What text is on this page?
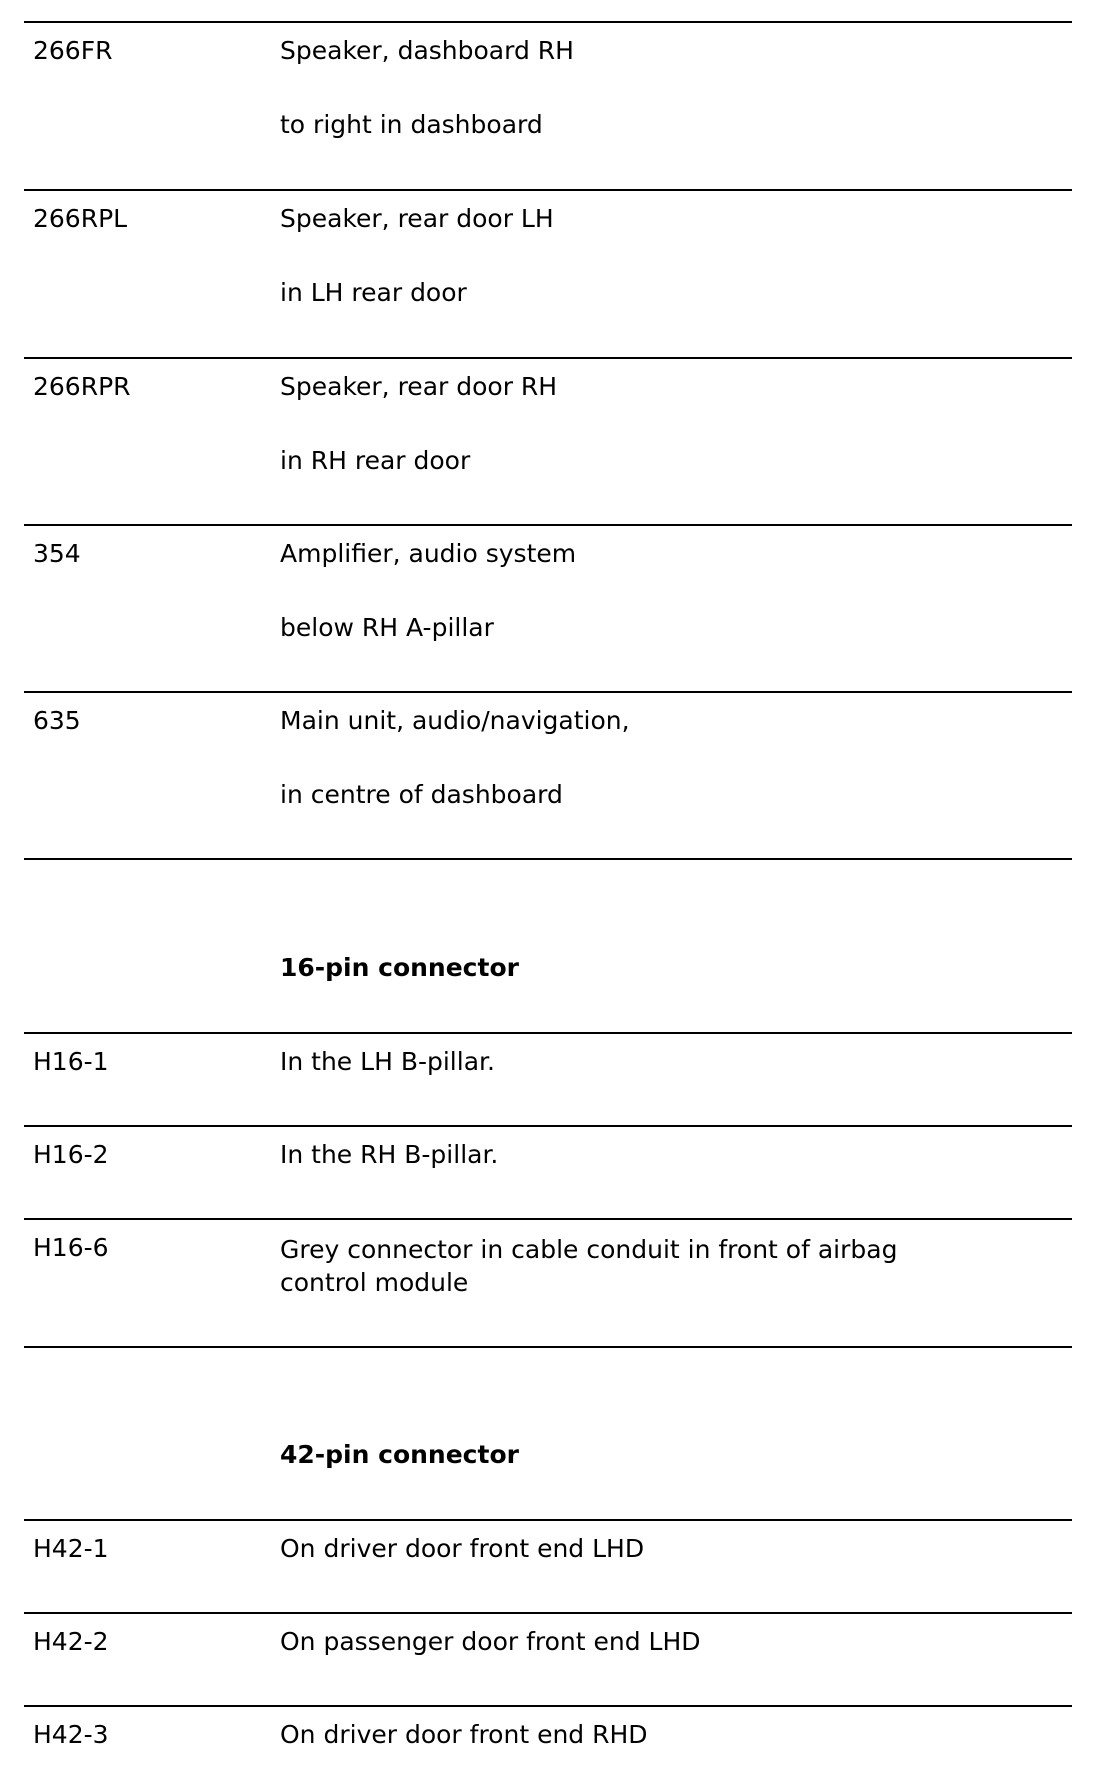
266FR	Speaker, dashboard RH
to right in dashboard
266RPL	Speaker, rear door LH
in LH rear door
266RPR	Speaker, rear door RH
in RH rear door
354	Amplifier, audio system
below RH A-pillar
635	Main unit, audio/navigation,
in centre of dashboard
16-pin connector
H16-1	In the LH B-pillar.
H16-2	In the RH B-pillar.
H16-6	Grey connector in cable conduit in front of airbag
control module
42-pin connector
H42-1	On driver door front end LHD
H42-2	On passenger door front end LHD
H42-3	On driver door front end RHD
